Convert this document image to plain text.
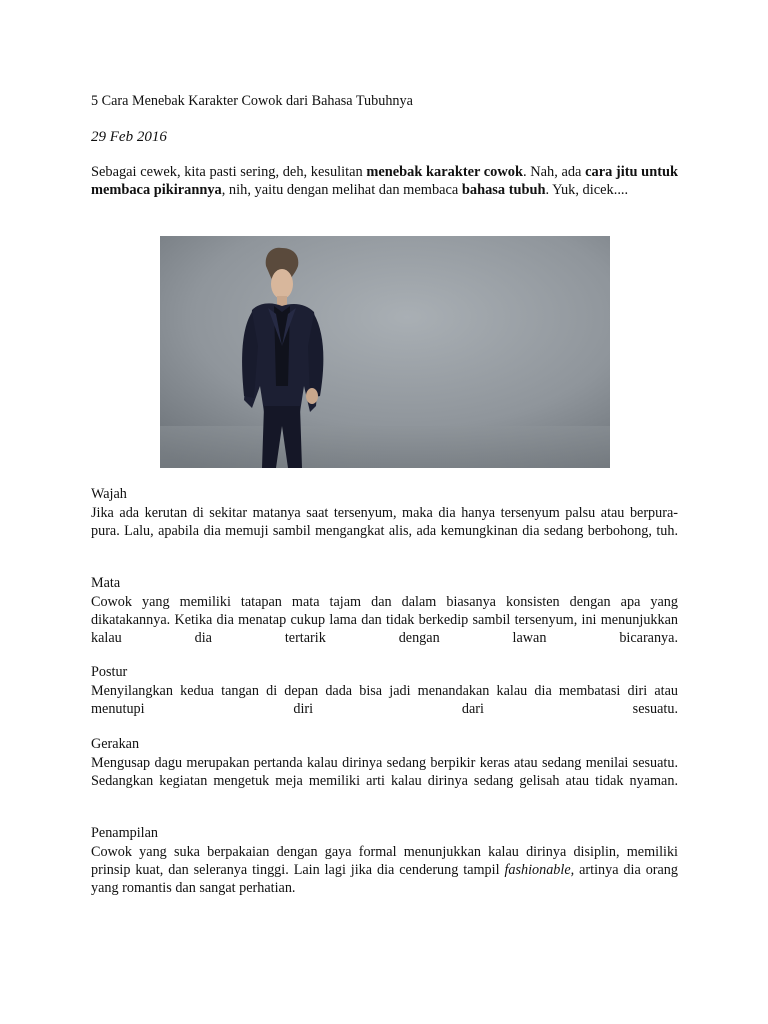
5 Cara Menebak Karakter Cowok dari Bahasa Tubuhnya
29 Feb 2016
Sebagai cewek, kita pasti sering, deh, kesulitan menebak karakter cowok. Nah, ada cara jitu untuk membaca pikirannya, nih, yaitu dengan melihat dan membaca bahasa tubuh. Yuk, dicek....
Wajah
Jika ada kerutan di sekitar matanya saat tersenyum, maka dia hanya tersenyum palsu atau berpura-pura. Lalu, apabila dia memuji sambil mengangkat alis, ada kemungkinan dia sedang berbohong, tuh.
Mata
Cowok yang memiliki tatapan mata tajam dan dalam biasanya konsisten dengan apa yang dikatakannya. Ketika dia menatap cukup lama dan tidak berkedip sambil tersenyum, ini menunjukkan kalau dia tertarik dengan lawan bicaranya.
Postur
Menyilangkan kedua tangan di depan dada bisa jadi menandakan kalau dia membatasi diri atau menutupi diri dari sesuatu.
Gerakan
Mengusap dagu merupakan pertanda kalau dirinya sedang berpikir keras atau sedang menilai sesuatu. Sedangkan kegiatan mengetuk meja memiliki arti kalau dirinya sedang gelisah atau tidak nyaman.
Penampilan
Cowok yang suka berpakaian dengan gaya formal menunjukkan kalau dirinya disiplin, memiliki prinsip kuat, dan seleranya tinggi. Lain lagi jika dia cenderung tampil fashionable, artinya dia orang yang romantis dan sangat perhatian.
